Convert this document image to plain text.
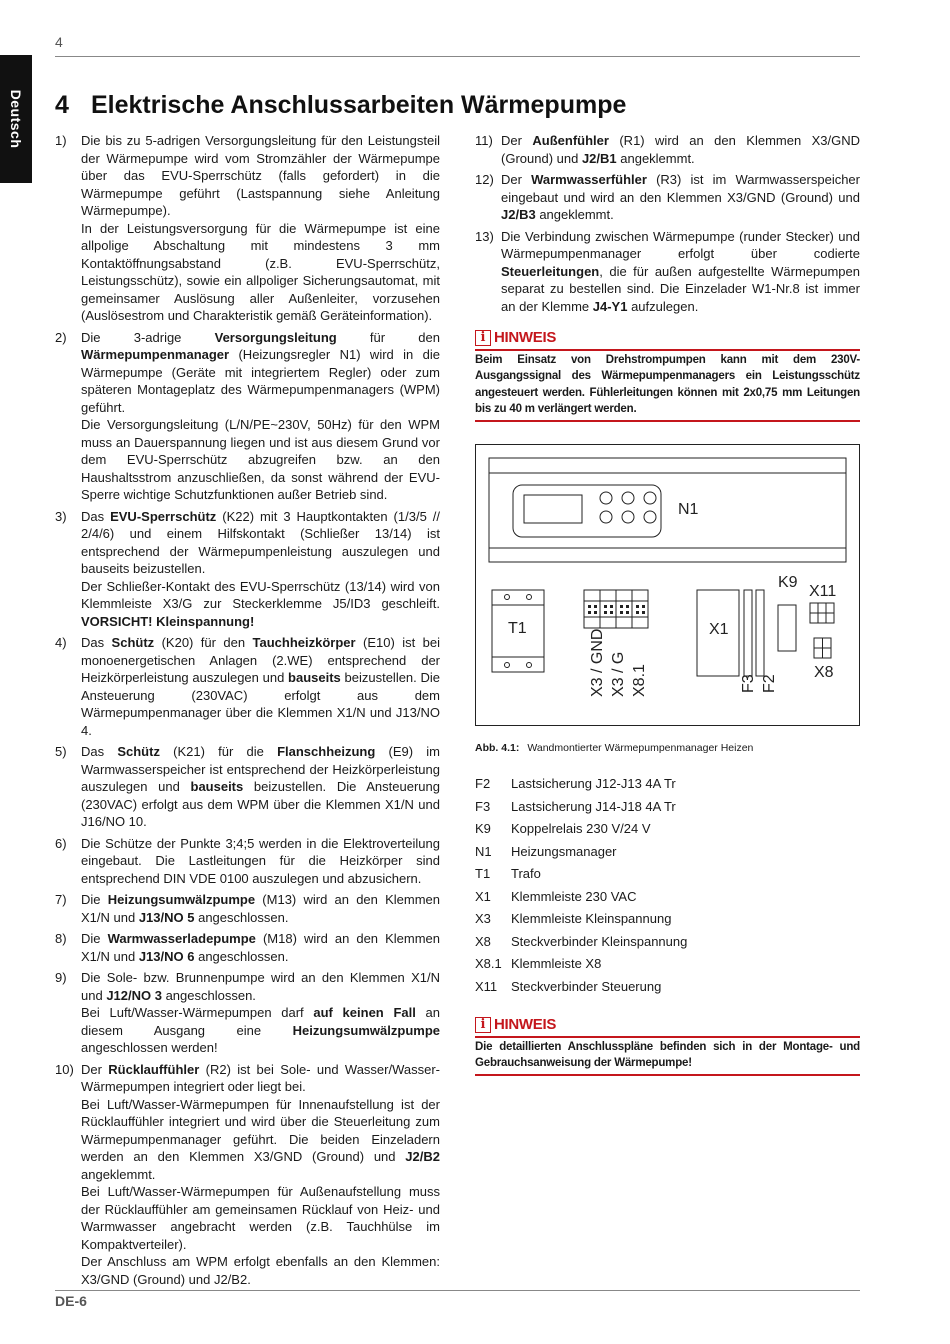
4
Deutsch 4 Elektrische Anschlussarbeiten Wärmepumpe
1)	Die bis zu 5-adrigen Versorgungsleitung für den Leistungsteil der Wärmepumpe wird vom Stromzähler der Wärmepumpe über das EVU-Sperrschütz (falls gefordert) in die Wärmepumpe geführt (Lastspannung siehe Anleitung Wärmepumpe).

In der Leistungsversorgung für die Wärmepumpe ist eine allpolige Abschaltung mit mindestens 3 mm Kontaktöffnungsabstand (z.B. EVU-Sperrschütz, Leistungsschütz), sowie ein allpoliger Sicherungsautomat, mit gemeinsamer Auslösung aller Außenleiter, vorzusehen (Auslösestrom und Charakteristik gemäß Geräteinformation).

2)	Die 3-adrige Versorgungsleitung für den Wärmepumpenmanager (Heizungsregler N1) wird in die Wärmepumpe (Geräte mit integriertem Regler) oder zum späteren Montageplatz des Wärmepumpenmanagers (WPM) geführt.

Die Versorgungsleitung (L/N/PE~230V, 50Hz) für den WPM muss an Dauerspannung liegen und ist aus diesem Grund vor dem EVU-Sperrschütz abzugreifen bzw. an den Haushaltsstrom anzuschließen, da sonst während der EVU-Sperre wichtige Schutzfunktionen außer Betrieb sind.

3)	Das EVU-Sperrschütz (K22) mit 3 Hauptkontakten (1/3/5 // 2/4/6) und einem Hilfskontakt (Schließer 13/14) ist entsprechend der Wärmepumpenleistung auszulegen und bauseits beizustellen.

Der Schließer-Kontakt des EVU-Sperrschütz (13/14) wird von Klemmleiste X3/G zur Steckerklemme J5/ID3 geschleift. VORSICHT! Kleinspannung!

4)	Das Schütz (K20) für den Tauchheizkörper (E10) ist bei monoenergetischen Anlagen (2.WE) entsprechend der Heizkörperleistung auszulegen und bauseits beizustellen. Die Ansteuerung (230VAC) erfolgt aus dem Wärmepumpenmanager über die Klemmen X1/N und J13/NO 4.

5)	Das Schütz (K21) für die Flanschheizung (E9) im Warmwasserspeicher ist entsprechend der Heizkörperleistung auszulegen und bauseits beizustellen. Die Ansteuerung (230VAC) erfolgt aus dem WPM über die Klemmen X1/N und J16/NO 10.

6)	Die Schütze der Punkte 3;4;5 werden in die Elektroverteilung eingebaut. Die Lastleitungen für die Heizkörper sind entsprechend DIN VDE 0100 auszulegen und abzusichern.

7)	Die Heizungsumwälzpumpe (M13) wird an den Klemmen X1/N und J13/NO 5 angeschlossen.

8)	Die Warmwasserladepumpe (M18) wird an den Klemmen X1/N und J13/NO 6 angeschlossen.

9)	Die Sole- bzw. Brunnenpumpe wird an den Klemmen X1/N und J12/NO 3 angeschlossen.

Bei Luft/Wasser-Wärmepumpen darf auf keinen Fall an diesem Ausgang eine Heizungsumwälzpumpe angeschlossen werden!

10) Der Rücklauffühler (R2) ist bei Sole- und Wasser/Wasser-Wärmepumpen integriert oder liegt bei.

Bei Luft/Wasser-Wärmepumpen für Innenaufstellung ist der Rücklauffühler integriert und wird über die Steuerleitung zum Wärmepumpenmanager geführt. Die beiden Einzeladern werden an den Klemmen X3/GND (Ground) und J2/B2 angeklemmt.

Bei Luft/Wasser-Wärmepumpen für Außenaufstellung muss der Rücklauffühler am gemeinsamen Rücklauf von Heiz- und Warmwasser angebracht werden (z.B. Tauchhülse im Kompaktverteiler).

Der Anschluss am WPM erfolgt ebenfalls an den Klemmen: X3/GND (Ground) und J2/B2.

11) Der Außenfühler (R1) wird an den Klemmen X3/GND (Ground) und J2/B1 angeklemmt.

12) Der Warmwasserfühler (R3) ist im Warmwasserspeicher eingebaut und wird an den Klemmen X3/GND (Ground) und J2/B3 angeklemmt.

13) Die Verbindung zwischen Wärmepumpe (runder Stecker) und Wärmepumpenmanager erfolgt über codierte Steuerleitungen, die für außen aufgestellte Wärmepumpen separat zu bestellen sind. Die Einzelader W1-Nr.8 ist immer an der Klemme J4-Y1 aufzulegen.

i HINWEIS
Beim Einsatz von Drehstrompumpen kann mit dem 230V-Ausgangssignal des Wärmepumpenmanagers ein Leistungsschütz angesteuert werden. Fühlerleitungen können mit 2x0,75 mm Leitungen bis zu 40 m verlängert werden.
N1
T1	X1
K9
X11
X8
X3 / GND X3 / G X8.1	F3 F2
Abb. 4.1: Wandmontierter Wärmepumpenmanager Heizen
F2	Lastsicherung J12-J13 4A Tr
F3	Lastsicherung J14-J18 4A Tr
K9	Koppelrelais 230 V/24 V
N1	Heizungsmanager
T1	Trafo
X1	Klemmleiste 230 VAC
X3	Klemmleiste Kleinspannung
X8	Steckverbinder Kleinspannung
X8.1 Klemmleiste X8
X11	Steckverbinder Steuerung
i HINWEIS
Die detaillierten Anschlusspläne befinden sich in der Montage- und Gebrauchsanweisung der Wärmepumpe!
DE-6
